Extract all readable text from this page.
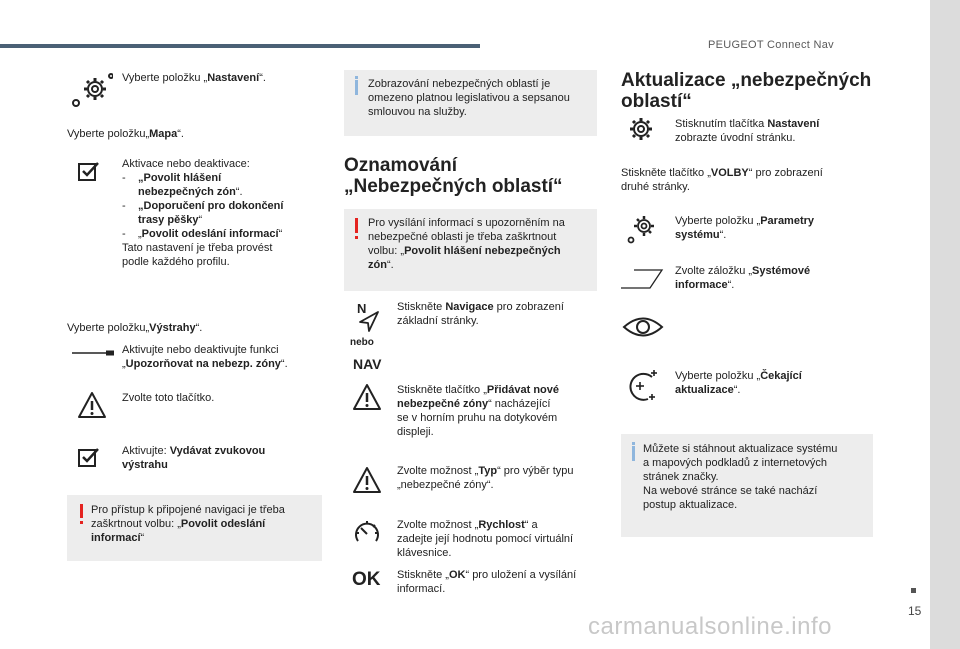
PEUGEOT Connect Nav
15
carmanualsonline.info
Vyberte položku „Nastavení“.
Vyberte položku„Mapa“.
Aktivace nebo deaktivace:
- „Povolit hlášení
nebezpečných zón“.
- „Doporučení pro dokončení
trasy pěšky“
- „Povolit odeslání informací“
Tato nastavení je třeba provést
podle každého profilu.
Vyberte položku„Výstrahy“.
Aktivujte nebo deaktivujte funkci
„Upozorňovat na nebezp. zóny“.
Zvolte toto tlačítko.
Aktivujte: Vydávat zvukovou
výstrahu
Pro přístup k připojené navigaci je třeba
zaškrtnout volbu: „Povolit odeslání
informací“
Zobrazování nebezpečných oblastí je
omezeno platnou legislativou a sepsanou
smlouvou na služby.
Oznamování
„Nebezpečných oblastí“
Pro vysílání informací s upozorněním na
nebezpečné oblasti je třeba zaškrtnout
volbu: „Povolit hlášení nebezpečných
zón“.
N
nebo
NAV
Stiskněte Navigace pro zobrazení
základní stránky.
Stiskněte tlačítko „Přidávat nové
nebezpečné zóny“ nacházející
se v horním pruhu na dotykovém
displeji.
Zvolte možnost „Typ“ pro výběr typu
„nebezpečné zóny“.
Zvolte možnost „Rychlost“ a
zadejte její hodnotu pomocí virtuální
klávesnice.
OK Stiskněte „OK“ pro uložení a vysílání
informací.
Aktualizace „nebezpečných
oblastí“
Stisknutím tlačítka Nastavení
zobrazte úvodní stránku.
Stiskněte tlačítko „VOLBY“ pro zobrazení
druhé stránky.
Vyberte položku „Parametry
systému“.
Zvolte záložku „Systémové
informace“.
Vyberte položku „Čekající
aktualizace“.
Můžete si stáhnout aktualizace systému
a mapových podkladů z internetových
stránek značky.
Na webové stránce se také nachází
postup aktualizace.
